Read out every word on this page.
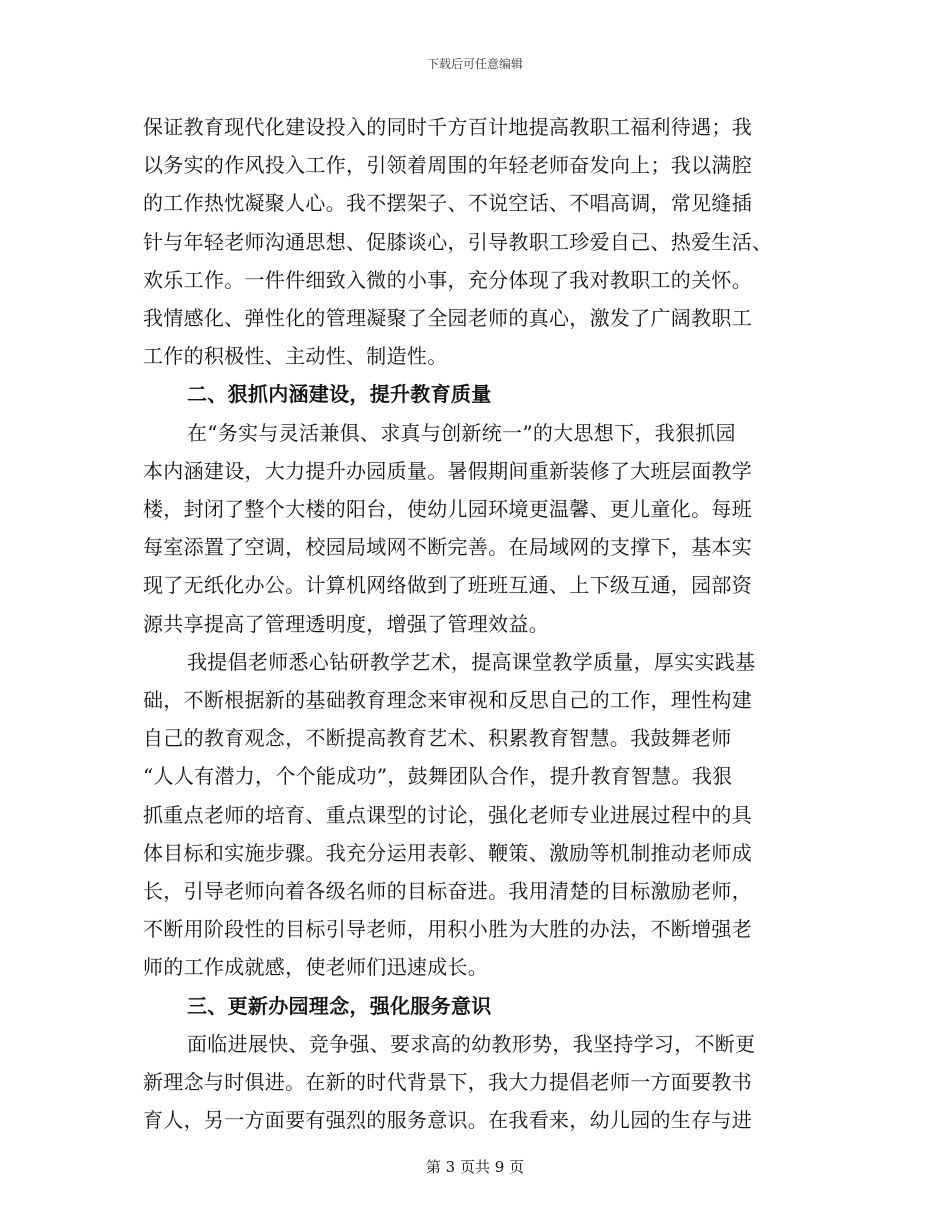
下载后可任意编辑

保证教育现代化建设投入的同时千方百计地提高教职工福利待遇；我
以务实的作风投入工作，引领着周围的年轻老师奋发向上；我以满腔
的工作热忱凝聚人心。我不摆架子、不说空话、不唱高调，常见缝插
针与年轻老师沟通思想、促膝谈心，引导教职工珍爱自己、热爱生活、
欢乐工作。一件件细致入微的小事，充分体现了我对教职工的关怀。
我情感化、弹性化的管理凝聚了全园老师的真心，激发了广阔教职工
工作的积极性、主动性、制造性。

二、狠抓内涵建设，提升教育质量

在“务实与灵活兼俱、求真与创新统一”的大思想下，我狠抓园
本内涵建设，大力提升办园质量。暑假期间重新装修了大班层面教学
楼，封闭了整个大楼的阳台，使幼儿园环境更温馨、更儿童化。每班
每室添置了空调，校园局域网不断完善。在局域网的支撑下，基本实
现了无纸化办公。计算机网络做到了班班互通、上下级互通，园部资
源共享提高了管理透明度，增强了管理效益。

我提倡老师悉心钻研教学艺术，提高课堂教学质量，厚实实践基
础，不断根据新的基础教育理念来审视和反思自己的工作，理性构建
自己的教育观念，不断提高教育艺术、积累教育智慧。我鼓舞老师
“人人有潜力，个个能成功”，鼓舞团队合作，提升教育智慧。我狠
抓重点老师的培育、重点课型的讨论，强化老师专业进展过程中的具
体目标和实施步骤。我充分运用表彰、鞭策、激励等机制推动老师成
长，引导老师向着各级名师的目标奋进。我用清楚的目标激励老师，
不断用阶段性的目标引导老师，用积小胜为大胜的办法，不断增强老
师的工作成就感，使老师们迅速成长。

三、更新办园理念，强化服务意识

面临进展快、竞争强、要求高的幼教形势，我坚持学习，不断更
新理念与时俱进。在新的时代背景下，我大力提倡老师一方面要教书
育人，另一方面要有强烈的服务意识。在我看来，幼儿园的生存与进

第 3 页共 9 页
